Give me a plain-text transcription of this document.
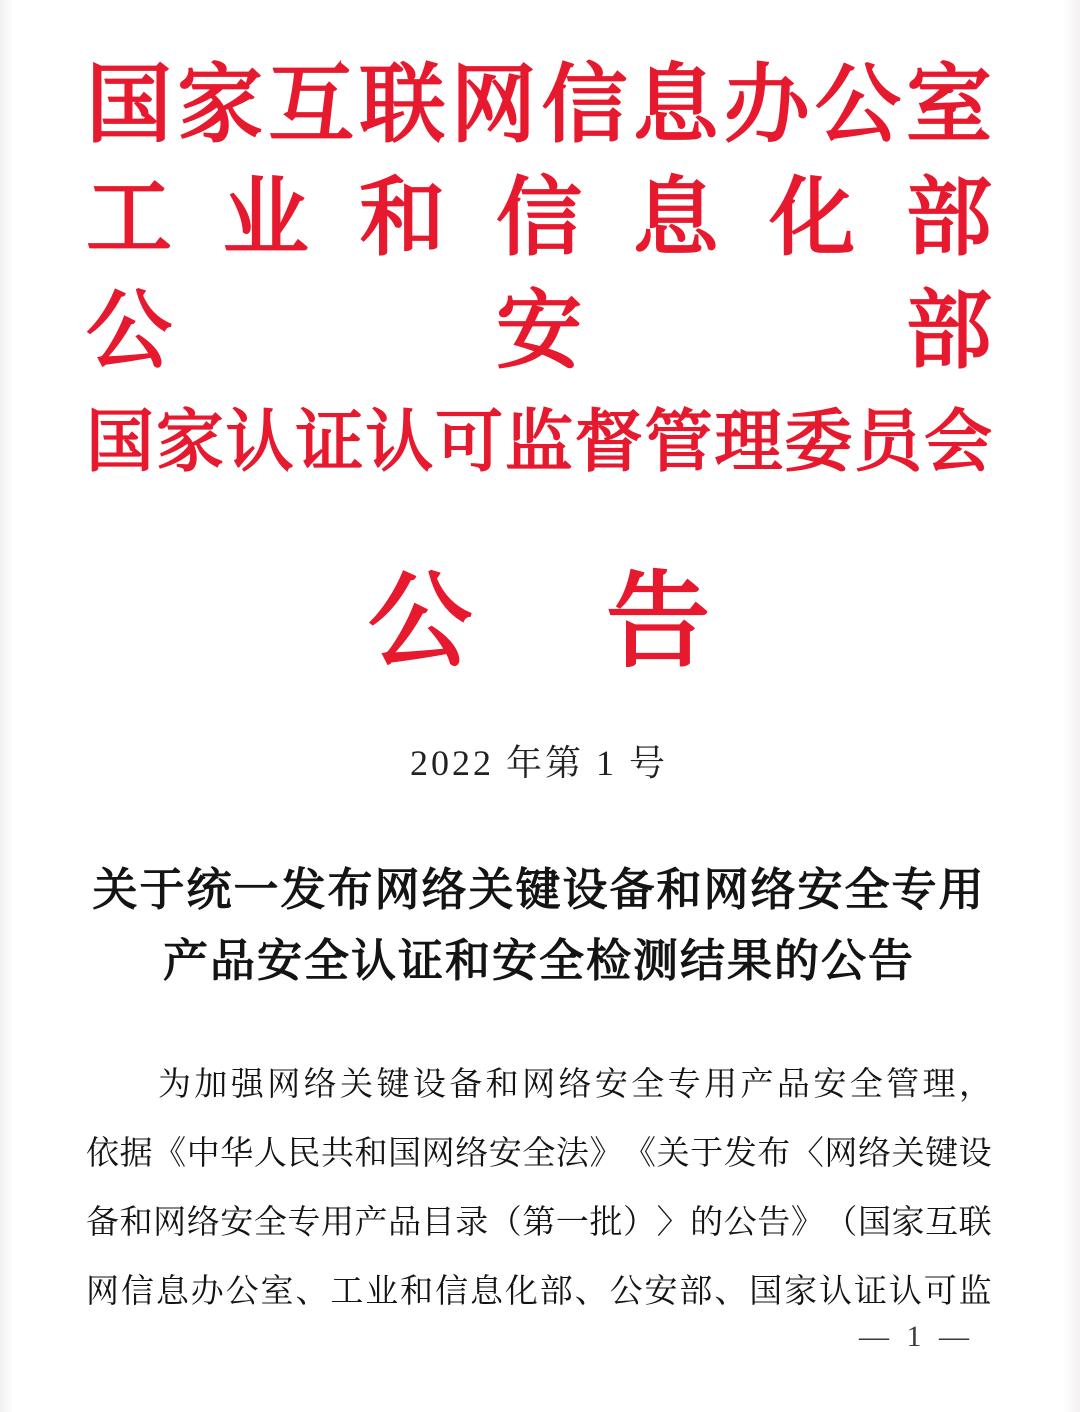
国 家 互 联 网 信 息 办 公 室
工 业 和 信 息 化 部
公	安	部
国 家 认 证 认 可 监 督 管 理 委 员 会
公 告
2022 年第 1 号
关于统一发布网络关键设备和网络安全专用
产品安全认证和安全检测结果的公告
为 加 强 网 络 关 键 设 备 和 网 络 安 全 专 用 产 品 安 全 管 理 ，
依 据 《 中 华 人 民 共 和 国 网 络 安 全 法 》 《 关 于 发 布 〈 网 络 关 键 设
备 和 网 络 安 全 专 用 产 品 目 录 （ 第 一 批 ） 〉 的 公 告 》 （ 国 家 互 联
网 信 息 办 公 室 、 工 业 和 信 息 化 部 、 公 安 部 、 国 家 认 证 认 可 监
— 1 —
